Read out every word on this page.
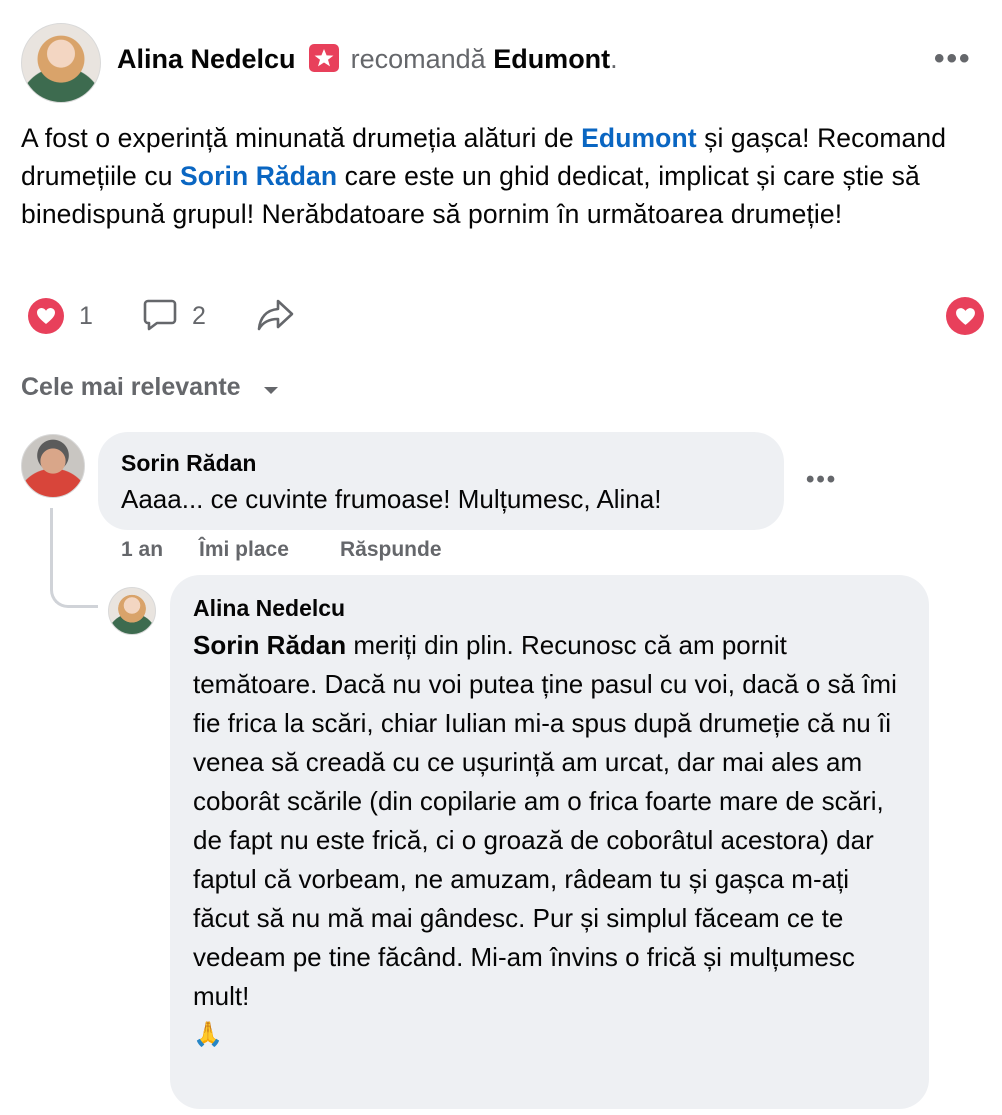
Alina Nedelcu recomandă Edumont.	•••
A fost o experință minunată drumeția alături de Edumont și gașca! Recomand drumețiile cu Sorin Rădan care este un ghid dedicat, implicat și care știe să binedispună grupul! Nerăbdatoare să pornim în următoarea drumeție!
1	2
Cele mai relevante
Sorin Rădan
Aaaa... ce cuvinte frumoase! Mulțumesc, Alina!
•••
1 an Îmi place Răspunde
Alina Nedelcu
Sorin Rădan meriți din plin. Recunosc că am pornit temătoare. Dacă nu voi putea ține pasul cu voi, dacă o să îmi fie frica la scări, chiar Iulian mi-a spus după drumeție că nu îi venea să creadă cu ce ușurință am urcat, dar mai ales am coborât scările (din copilarie am o frica foarte mare de scări, de fapt nu este frică, ci o groază de coborâtul acestora) dar faptul că vorbeam, ne amuzam, râdeam tu și gașca m-ați făcut să nu mă mai gândesc. Pur și simplul făceam ce te vedeam pe tine făcând. Mi-am învins o frică și mulțumesc mult!
🙏
